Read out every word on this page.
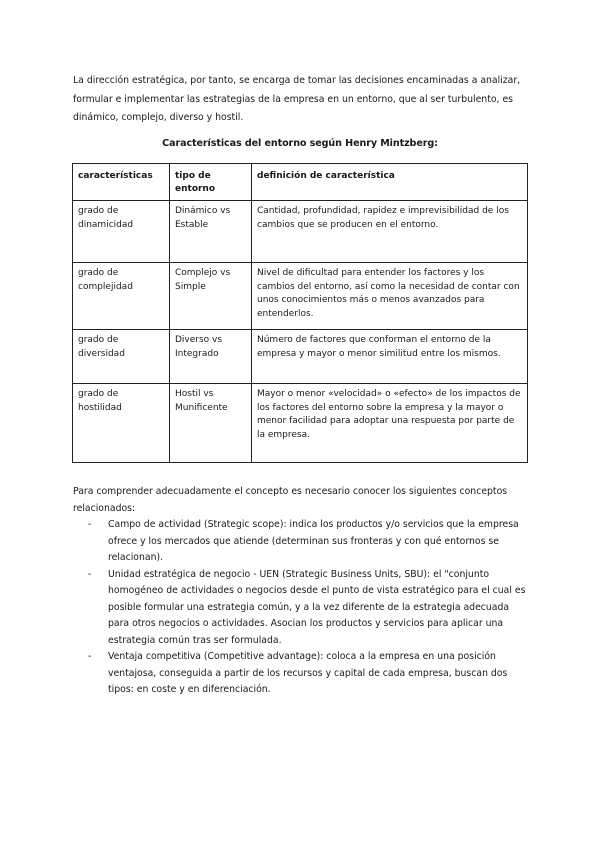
La dirección estratégica, por tanto, se encarga de tomar las decisiones encaminadas a analizar, formular e implementar las estrategias de la empresa en un entorno, que al ser turbulento, es dinámico, complejo, diverso y hostil.

Características del entorno según Henry Mintzberg:

características	tipo de entorno	definición de característica
grado de dinamicidad	Dinámico vs Estable	Cantidad, profundidad, rapidez e imprevisibilidad de los cambios que se producen en el entorno.
grado de complejidad	Complejo vs Simple	Nivel de dificultad para entender los factores y los cambios del entorno, así como la necesidad de contar con unos conocimientos más o menos avanzados para entenderlos.
grado de diversidad	Diverso vs Integrado	Número de factores que conforman el entorno de la empresa y mayor o menor similitud entre los mismos.
grado de hostilidad	Hostil vs Munificente	Mayor o menor «velocidad» o «efecto» de los impactos de los factores del entorno sobre la empresa y la mayor o menor facilidad para adoptar una respuesta por parte de la empresa.

Para comprender adecuadamente el concepto es necesario conocer los siguientes conceptos relacionados:

- Campo de actividad (Strategic scope): indica los productos y/o servicios que la empresa ofrece y los mercados que atiende (determinan sus fronteras y con qué entornos se relacionan).
- Unidad estratégica de negocio - UEN (Strategic Business Units, SBU): el "conjunto homogéneo de actividades o negocios desde el punto de vista estratégico para el cual es posible formular una estrategia común, y a la vez diferente de la estrategia adecuada para otros negocios o actividades. Asocian los productos y servicios para aplicar una estrategia común tras ser formulada.
- Ventaja competitiva (Competitive advantage): coloca a la empresa en una posición ventajosa, conseguida a partir de los recursos y capital de cada empresa, buscan dos tipos: en coste y en diferenciación.
